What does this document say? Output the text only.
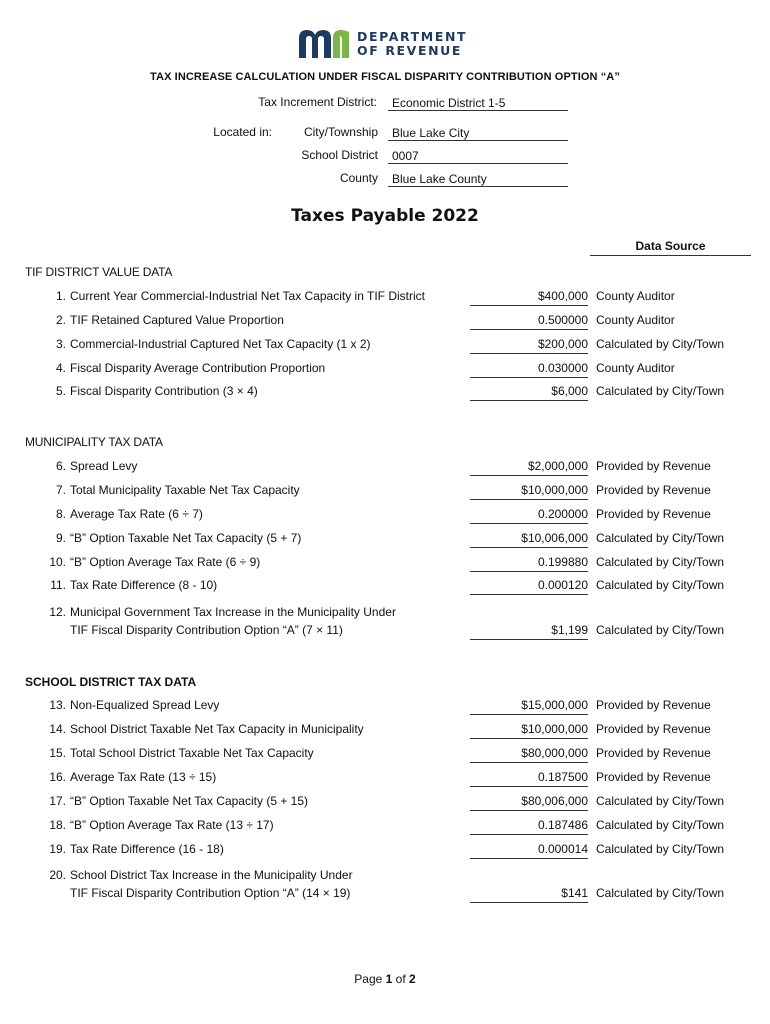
DEPARTMENT
OF REVENUE
TAX INCREASE CALCULATION UNDER FISCAL DISPARITY CONTRIBUTION OPTION “A”
Tax Increment District:	Economic District 1-5
Located in:	City/Township	Blue Lake City
School District	0007
County	Blue Lake County
Taxes Payable 2022
Data Source
TIF DISTRICT VALUE DATA
MUNICIPALITY TAX DATA
SCHOOL DISTRICT TAX DATA
1. Current Year Commercial-Industrial Net Tax Capacity in TIF District	$400,000 County Auditor
2. TIF Retained Captured Value Proportion	0.500000 County Auditor
3. Commercial-Industrial Captured Net Tax Capacity (1 x 2)	$200,000 Calculated by City/Town
4. Fiscal Disparity Average Contribution Proportion	0.030000 County Auditor
5. Fiscal Disparity Contribution (3 × 4)	$6,000 Calculated by City/Town
6. Spread Levy	$2,000,000 Provided by Revenue
7. Total Municipality Taxable Net Tax Capacity	$10,000,000 Provided by Revenue
8. Average Tax Rate (6 ÷ 7)	0.200000 Provided by Revenue
9. “B” Option Taxable Net Tax Capacity (5 + 7)	$10,006,000 Calculated by City/Town
10. “B” Option Average Tax Rate (6 ÷ 9)	0.199880 Calculated by City/Town
11. Tax Rate Difference (8 - 10)	0.000120 Calculated by City/Town
12. Municipal Government Tax Increase in the Municipality Under
TIF Fiscal Disparity Contribution Option “A” (7 × 11)	$1,199 Calculated by City/Town
13. Non-Equalized Spread Levy	$15,000,000 Provided by Revenue
14. School District Taxable Net Tax Capacity in Municipality	$10,000,000 Provided by Revenue
15. Total School District Taxable Net Tax Capacity	$80,000,000 Provided by Revenue
16. Average Tax Rate (13 ÷ 15)	0.187500 Provided by Revenue
17. “B” Option Taxable Net Tax Capacity (5 + 15)	$80,006,000 Calculated by City/Town
18. “B” Option Average Tax Rate (13 ÷ 17)	0.187486 Calculated by City/Town
19. Tax Rate Difference (16 - 18)	0.000014 Calculated by City/Town
20. School District Tax Increase in the Municipality Under
TIF Fiscal Disparity Contribution Option “A” (14 × 19)	$141 Calculated by City/Town
Page 1 of 2
